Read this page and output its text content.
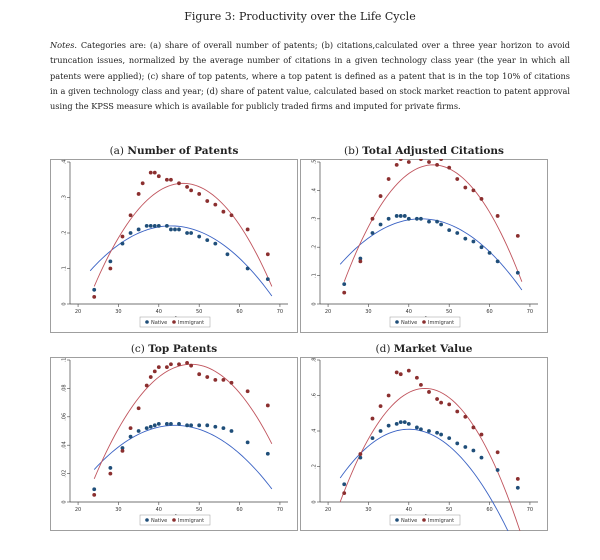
Figure 3: Productivity over the Life Cycle
Notes. Categories are: (a) share of overall number of patents; (b) citations,calculated over a three year horizon to avoid truncation issues, normalized by the average number of citations in a given technology class year (the year in which all patents were applied); (c) share of top patents, where a top patent is defined as a patent that is in the top 10% of citations in a given technology class and year; (d) share of patent value, calculated based on stock market reaction to patent approval using the KPSS measure which is available for publicly traded firms and imputed for private firms.
(a) Number of Patents
20	30	40	50	60	70
0
.1
.2
.3
.4
Native Immigrant
(b) Total Adjusted Citations
20	30	40	50	60	70
0
.1
.2
.3
.4
.5
Native Immigrant
(c) Top Patents
20	30	40	50	60	70
0
.02
.04
.06
.08
.1
Native Immigrant
(d) Market Value
20	30	40	50	60	70
0
.2
.4
.6
.8
Native Immigrant
